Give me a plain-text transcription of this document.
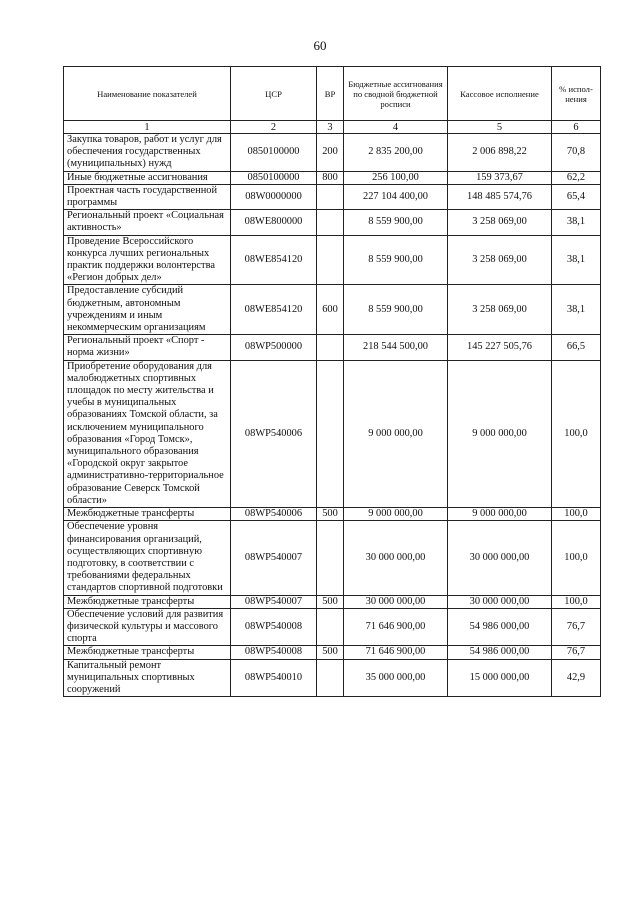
60
Наименование показателей	ЦСР	ВР	Бюджетные ассигнования по сводной бюджетной росписи	Кассовое исполнение	% испол-нения
1	2	3	4	5	6
Закупка товаров, работ и услуг для обеспечения государственных (муниципальных) нужд	0850100000	200	2 835 200,00	2 006 898,22	70,8
Иные бюджетные ассигнования	0850100000	800	256 100,00	159 373,67	62,2
Проектная часть государственной программы	08W0000000		227 104 400,00	148 485 574,76	65,4
Региональный проект «Социальная активность»	08WE800000		8 559 900,00	3 258 069,00	38,1
Проведение Всероссийского конкурса лучших региональных практик поддержки волонтерства «Регион добрых дел»	08WE854120		8 559 900,00	3 258 069,00	38,1
Предоставление субсидий бюджетным, автономным учреждениям и иным некоммерческим организациям	08WE854120	600	8 559 900,00	3 258 069,00	38,1
Региональный проект «Спорт - норма жизни»	08WP500000		218 544 500,00	145 227 505,76	66,5
Приобретение оборудования для малобюджетных спортивных площадок по месту жительства и учебы в муниципальных образованиях Томской области, за исключением муниципального образования «Город Томск», муниципального образования «Городской округ закрытое административно-территориальное образование Северск Томской области»	08WP540006		9 000 000,00	9 000 000,00	100,0
Межбюджетные трансферты	08WP540006	500	9 000 000,00	9 000 000,00	100,0
Обеспечение уровня финансирования организаций, осуществляющих спортивную подготовку, в соответствии с требованиями федеральных стандартов спортивной подготовки	08WP540007		30 000 000,00	30 000 000,00	100,0
Межбюджетные трансферты	08WP540007	500	30 000 000,00	30 000 000,00	100,0
Обеспечение условий для развития физической культуры и массового спорта	08WP540008		71 646 900,00	54 986 000,00	76,7
Межбюджетные трансферты	08WP540008	500	71 646 900,00	54 986 000,00	76,7
Капитальный ремонт муниципальных спортивных сооружений	08WP540010		35 000 000,00	15 000 000,00	42,9
